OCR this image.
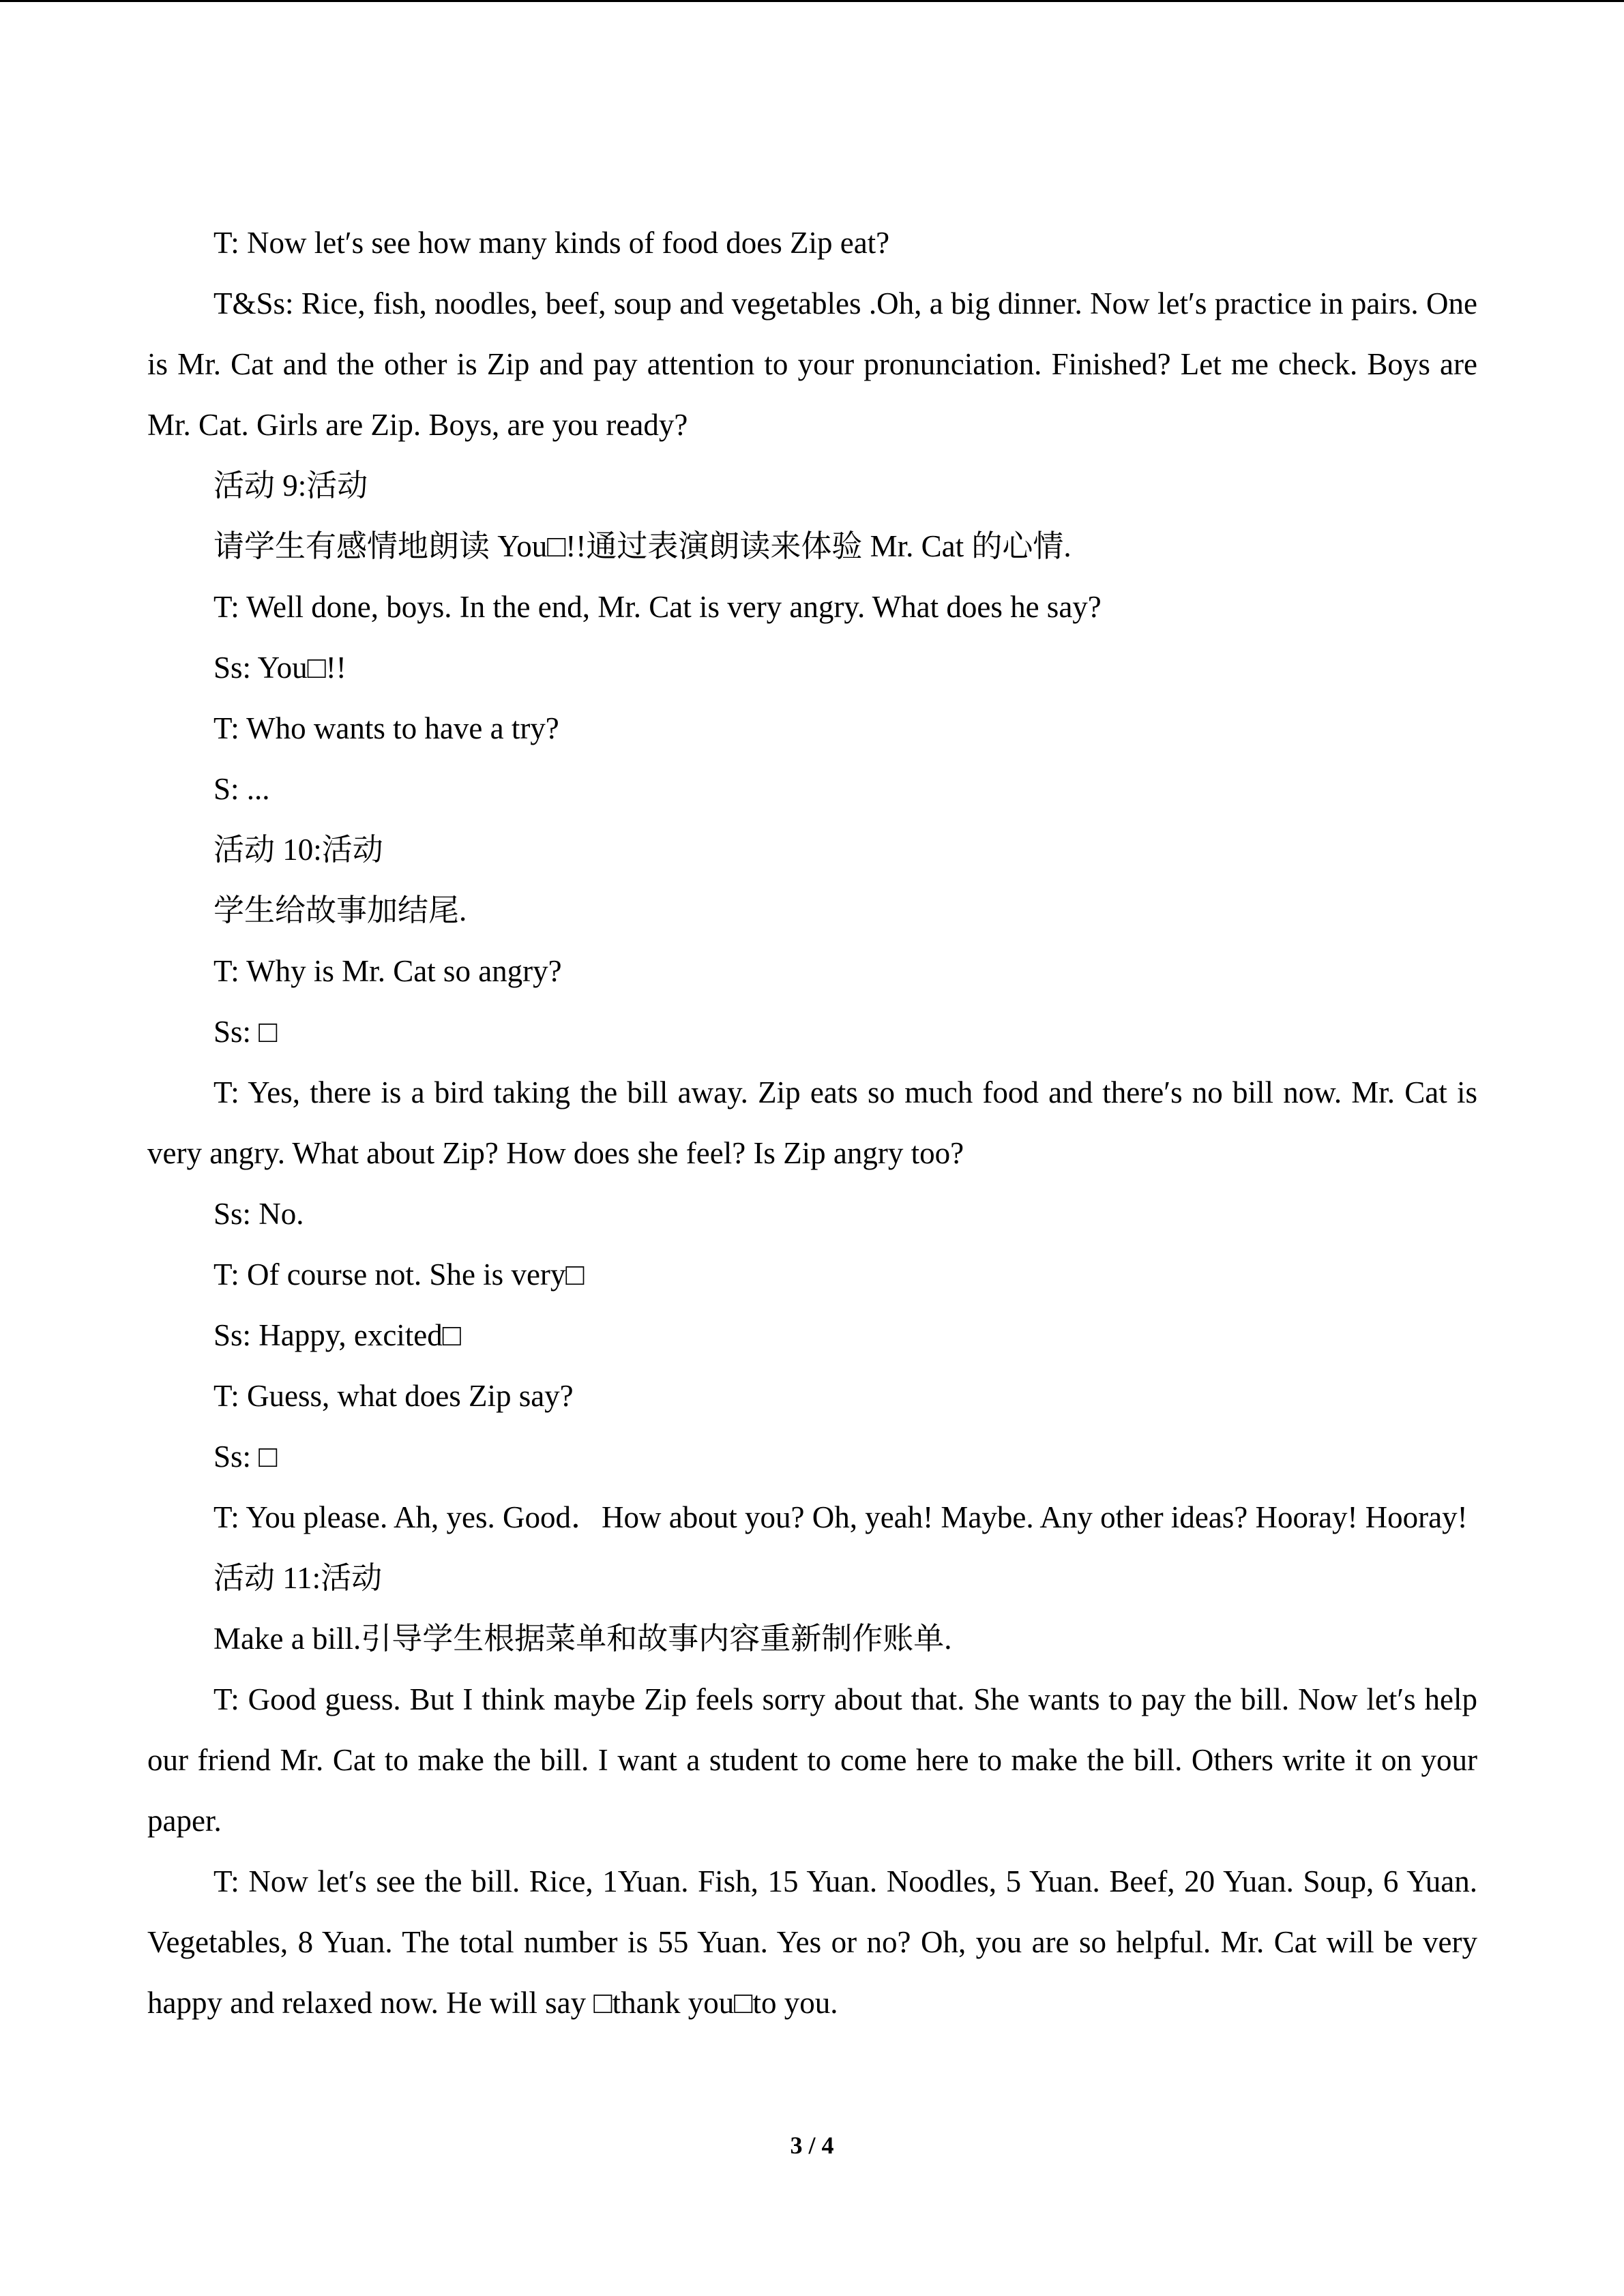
T: Now let′s see how many kinds of food does Zip eat?

T&Ss: Rice, fish, noodles, beef, soup and vegetables .Oh, a big dinner. Now let′s practice in pairs. One is Mr. Cat and the other is Zip and pay attention to your pronunciation. Finished? Let me check. Boys are Mr. Cat. Girls are Zip. Boys, are you ready?

活动 9:活动

请学生有感情地朗读 You□!!通过表演朗读来体验 Mr. Cat 的心情.

T: Well done, boys. In the end, Mr. Cat is very angry. What does he say?

Ss: You□!!

T: Who wants to have a try?

S: ...

活动 10:活动

学生给故事加结尾.

T: Why is Mr. Cat so angry?

Ss: □

T: Yes, there is a bird taking the bill away. Zip eats so much food and there′s no bill now. Mr. Cat is very angry. What about Zip? How does she feel? Is Zip angry too?

Ss: No.

T: Of course not. She is very□

Ss: Happy, excited□

T: Guess, what does Zip say?

Ss: □

T: You please. Ah, yes. Good．How about you? Oh, yeah! Maybe. Any other ideas? Hooray! Hooray!

活动 11:活动

Make a bill.引导学生根据菜单和故事内容重新制作账单.

T: Good guess. But I think maybe Zip feels sorry about that. She wants to pay the bill. Now let′s help our friend Mr. Cat to make the bill. I want a student to come here to make the bill. Others write it on your paper.

T: Now let′s see the bill. Rice, 1Yuan. Fish, 15 Yuan. Noodles, 5 Yuan. Beef, 20 Yuan. Soup, 6 Yuan. Vegetables, 8 Yuan. The total number is 55 Yuan. Yes or no? Oh, you are so helpful. Mr. Cat will be very happy and relaxed now. He will say □thank you□to you.

3 / 4
